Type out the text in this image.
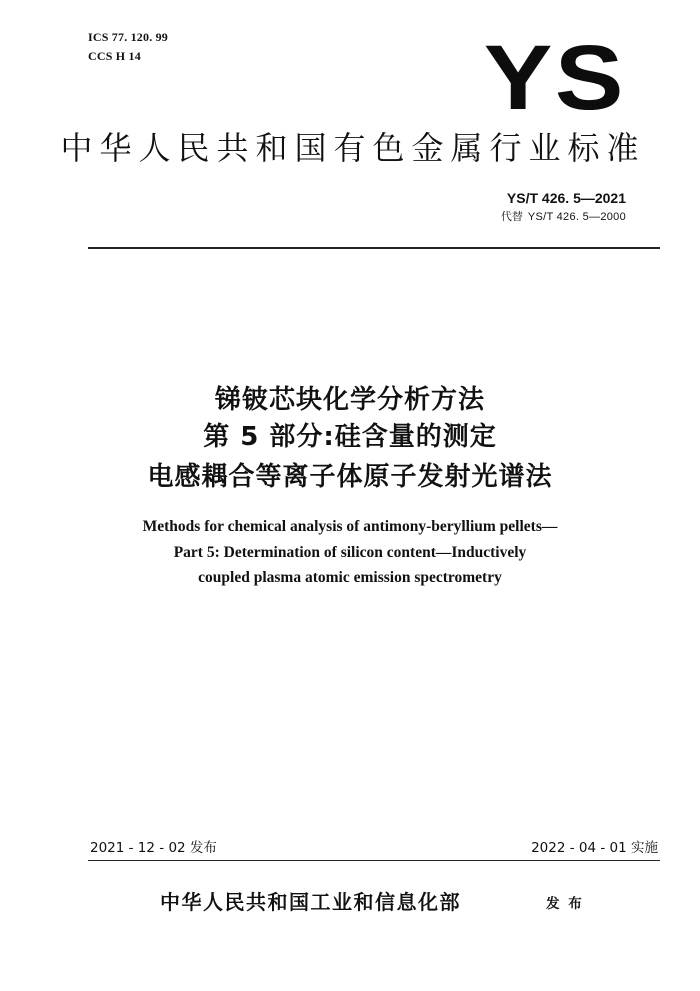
ICS 77. 120. 99
CCS H 14	YS
中华人民共和国有色金属行业标准
YS/T 426. 5—2021
代替 YS/T 426. 5—2000
锑铍芯块化学分析方法
第 5 部分:硅含量的测定
电感耦合等离子体原子发射光谱法
Methods for chemical analysis of antimony-beryllium pellets—
Part 5: Determination of silicon content—Inductively
coupled plasma atomic emission spectrometry
2021 - 12 - 02 发布	2022 - 04 - 01 实施
中华人民共和国工业和信息化部	发 布
